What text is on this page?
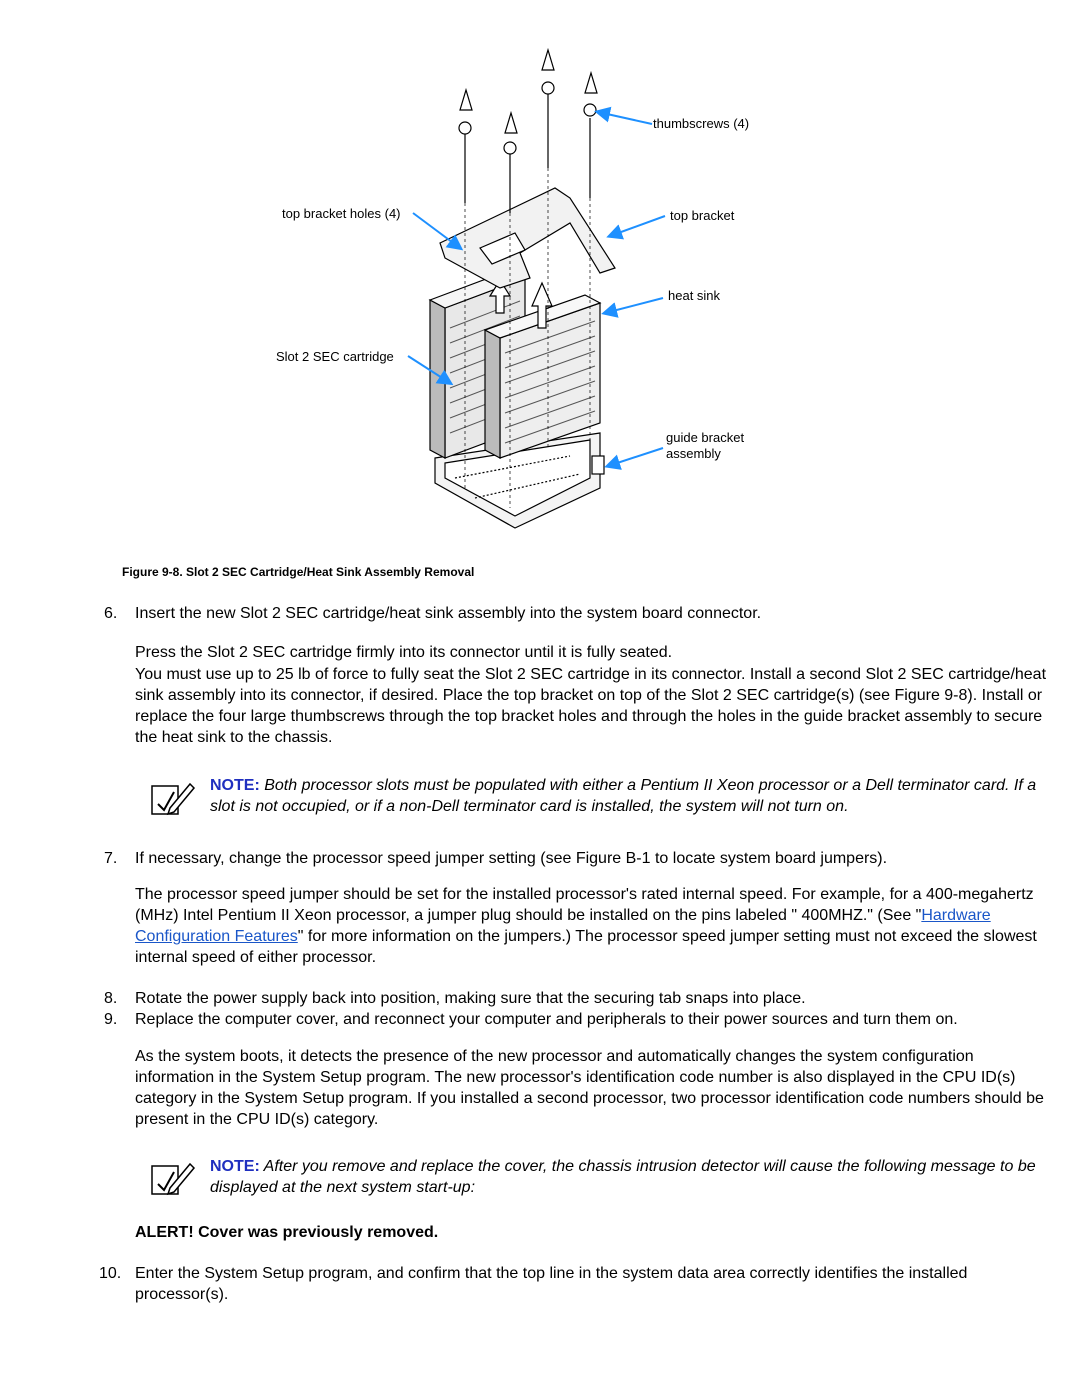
thumbscrews (4)
top bracket holes (4)	top bracket
heat sink
Slot 2 SEC cartridge
guide bracket
assembly
Figure 9-8. Slot 2 SEC Cartridge/Heat Sink Assembly Removal
6. Insert the new Slot 2 SEC cartridge/heat sink assembly into the system board connector.

Press the Slot 2 SEC cartridge firmly into its connector until it is fully seated.

You must use up to 25 lb of force to fully seat the Slot 2 SEC cartridge in its connector. Install a second Slot 2 SEC cartridge/heat sink assembly into its connector, if desired. Place the top bracket on top of the Slot 2 SEC cartridge(s) (see Figure 9-8). Install or replace the four large thumbscrews through the top bracket holes and through the holes in the guide bracket assembly to secure the heat sink to the chassis.

NOTE: Both processor slots must be populated with either a Pentium II Xeon processor or a Dell terminator card. If a slot is not occupied, or if a non-Dell terminator card is installed, the system will not turn on.
7. If necessary, change the processor speed jumper setting (see Figure B-1 to locate system board jumpers).

The processor speed jumper should be set for the installed processor's rated internal speed. For example, for a 400-megahertz (MHz) Intel Pentium II Xeon processor, a jumper plug should be installed on the pins labeled " 400MHZ." (See "Hardware Configuration Features" for more information on the jumpers.) The processor speed jumper setting must not exceed the slowest internal speed of either processor.

8. Rotate the power supply back into position, making sure that the securing tab snaps into place.
9. Replace the computer cover, and reconnect your computer and peripherals to their power sources and turn them on.

As the system boots, it detects the presence of the new processor and automatically changes the system configuration information in the System Setup program. The new processor's identification code number is also displayed in the CPU ID(s) category in the System Setup program. If you installed a second processor, two processor identification code numbers should be present in the CPU ID(s) category.

NOTE: After you remove and replace the cover, the chassis intrusion detector will cause the following message to be displayed at the next system start-up:
ALERT! Cover was previously removed.
10. Enter the System Setup program, and confirm that the top line in the system data area correctly identifies the installed processor(s).
